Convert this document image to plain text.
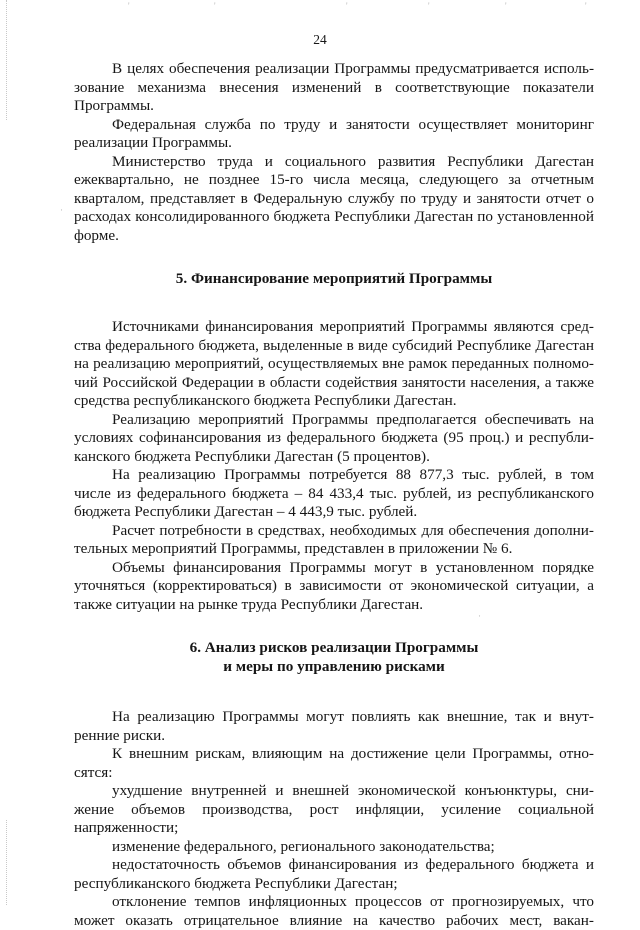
24
В целях обеспечения реализации Программы предусматривается исполь-
зование механизма внесения изменений в соответствующие показатели
Программы.
Федеральная служба по труду и занятости осуществляет мониторинг
реализации Программы.
Министерство труда и социального развития Республики Дагестан
ежеквартально, не позднее 15-го числа месяца, следующего за отчетным
кварталом, представляет в Федеральную службу по труду и занятости отчет о
расходах консолидированного бюджета Республики Дагестан по установленной
форме.
5. Финансирование мероприятий Программы
Источниками финансирования мероприятий Программы являются сред-
ства федерального бюджета, выделенные в виде субсидий Республике Дагестан
на реализацию мероприятий, осуществляемых вне рамок переданных полномо-
чий Российской Федерации в области содействия занятости населения, а также
средства республиканского бюджета Республики Дагестан.
Реализацию мероприятий Программы предполагается обеспечивать на
условиях софинансирования из федерального бюджета (95 проц.) и республи-
канского бюджета Республики Дагестан (5 процентов).
На реализацию Программы потребуется 88 877,3 тыс. рублей, в том
числе из федерального бюджета – 84 433,4 тыс. рублей, из республиканского
бюджета Республики Дагестан – 4 443,9 тыс. рублей.
Расчет потребности в средствах, необходимых для обеспечения дополни-
тельных мероприятий Программы, представлен в приложении № 6.
Объемы финансирования Программы могут в установленном порядке
уточняться (корректироваться) в зависимости от экономической ситуации, а
также ситуации на рынке труда Республики Дагестан.
6. Анализ рисков реализации Программы
и меры по управлению рисками
На реализацию Программы могут повлиять как внешние, так и внут-
ренние риски.
К внешним рискам, влияющим на достижение цели Программы, отно-
сятся:
ухудшение внутренней и внешней экономической конъюнктуры, сни-
жение объемов производства, рост инфляции, усиление социальной
напряженности;
изменение федерального, регионального законодательства;
недостаточность объемов финансирования из федерального бюджета и
республиканского бюджета Республики Дагестан;
отклонение темпов инфляционных процессов от прогнозируемых, что
может оказать отрицательное влияние на качество рабочих мест, вакан-
'	'	'	'	'	'
·
·
